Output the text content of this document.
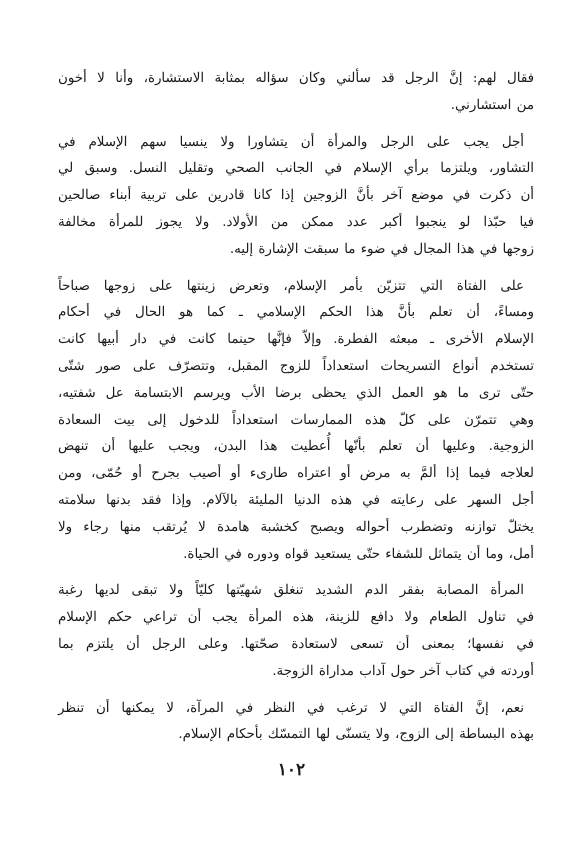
فقال لهم: إنَّ الرجل قد سألني وكان سؤاله بمثابة الاستشارة، وأنا لا أخون
من استشارني.

أجل يجب على الرجل والمرأة أن يتشاورا ولا ينسيا سهم الإسلام في
التشاور، ويلتزما برأي الإسلام في الجانب الصحي وتقليل النسل. وسبق لي
أن ذكرت في موضع آخر بأنَّ الزوجين إذا كانا قادرين على تربية أبناء صالحين
فيا حبّذا لو ينجبوا أكبر عدد ممكن من الأولاد. ولا يجوز للمرأة مخالفة
زوجها في هذا المجال في ضوء ما سبقت الإشارة إليه.

على الفتاة التي تتزيّن بأمر الإسلام، وتعرض زينتها على زوجها صباحاً
ومساءً، أن تعلم بأنَّ هذا الحكم الإسلامي ـ كما هو الحال في أحكام
الإسلام الأخرى ـ مبعثه الفطرة. وإلاّ فإنَّها حينما كانت في دار أبيها كانت
تستخدم أنواع التسريحات استعداداً للزوج المقبل، وتتصرّف على صور شتّى
حتّى ترى ما هو العمل الذي يحظى برضا الأب ويرسم الابتسامة عل شفتيه،
وهي تتمرّن على كلّ هذه الممارسات استعداداً للدخول إلى بيت السعادة
الزوجية. وعليها أن تعلم بأنّها أُعطيت هذا البدن، ويجب عليها أن تنهض
لعلاجه فيما إذا ألمَّ به مرض أو اعتراه طارىء أو أصيب بجرح أو حُمّى، ومن
أجل السهر على رعايته في هذه الدنيا المليئة بالآلام. وإذا فقد بدنها سلامته
يختلّ توازنه وتضطرب أحواله ويصبح كخشبة هامدة لا يُرتقب منها رجاء ولا
أمل، وما أن يتماثل للشفاء حتّى يستعيد قواه ودوره في الحياة.

المرأة المصابة بفقر الدم الشديد تنغلق شهيّتها كليّاً ولا تبقى لديها رغبة
في تناول الطعام ولا دافع للزينة، هذه المرأة يجب أن تراعي حكم الإسلام
في نفسها؛ بمعنى أن تسعى لاستعادة صحّتها. وعلى الرجل أن يلتزم بما
أوردته في كتاب آخر حول آداب مداراة الزوجة.

نعم، إنَّ الفتاة التي لا ترغب في النظر في المرآة، لا يمكنها أن تنظر
بهذه البساطة إلى الزوج، ولا يتسنّى لها التمسّك بأحكام الإسلام.

١٠٢
